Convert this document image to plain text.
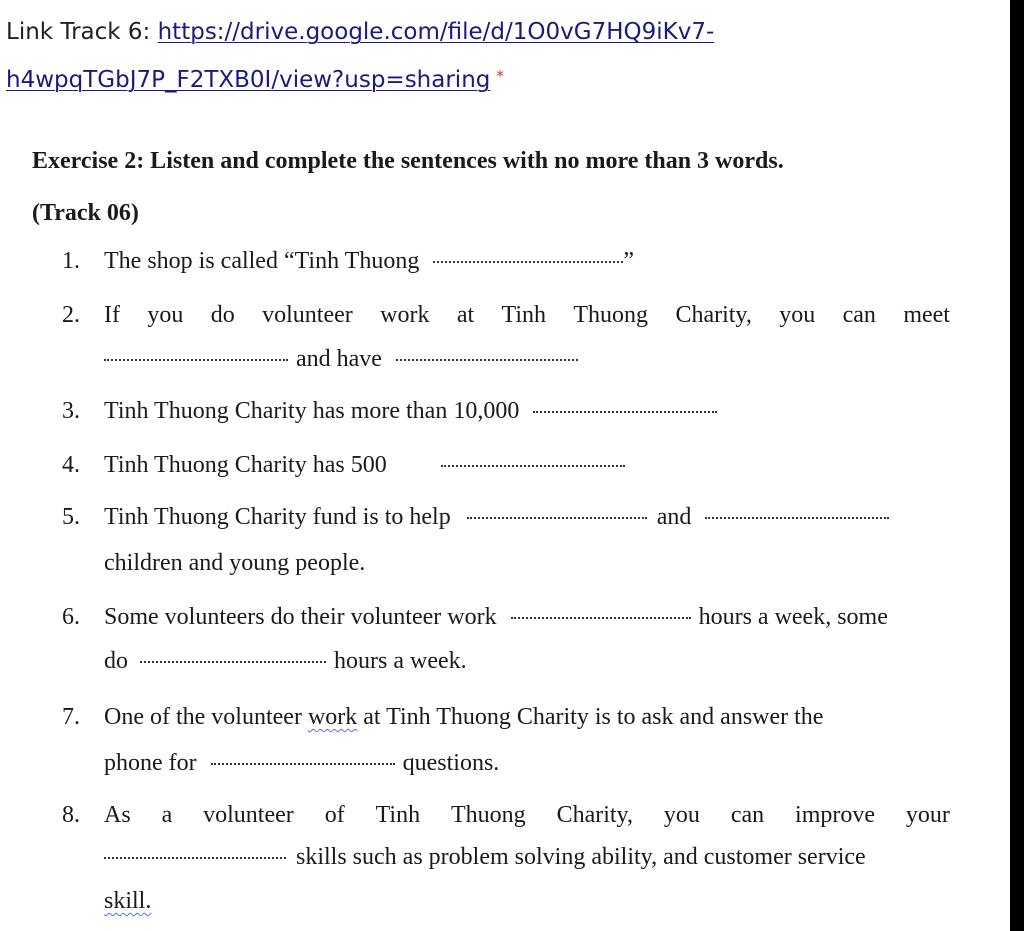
Link Track 6: https://drive.google.com/file/d/1O0vG7HQ9iKv7-
h4wpqTGbJ7P_F2TXB0I/view?usp=sharing *
Exercise 2: Listen and complete the sentences with no more than 3 words.
(Track 06)
1. The shop is called “Tinh Thuong	”
2. If you do volunteer work at Tinh Thuong Charity, you can meet
and have
3. Tinh Thuong Charity has more than 10,000
4. Tinh Thuong Charity has 500
5. Tinh Thuong Charity fund is to help	and
children and young people.
6. Some volunteers do their volunteer work	hours a week, some
do	hours a week.
7. One of the volunteer work at Tinh Thuong Charity is to ask and answer the
phone for	questions.
8. As a volunteer of Tinh Thuong Charity, you can improve your
skills such as problem solving ability, and customer service
skill.
